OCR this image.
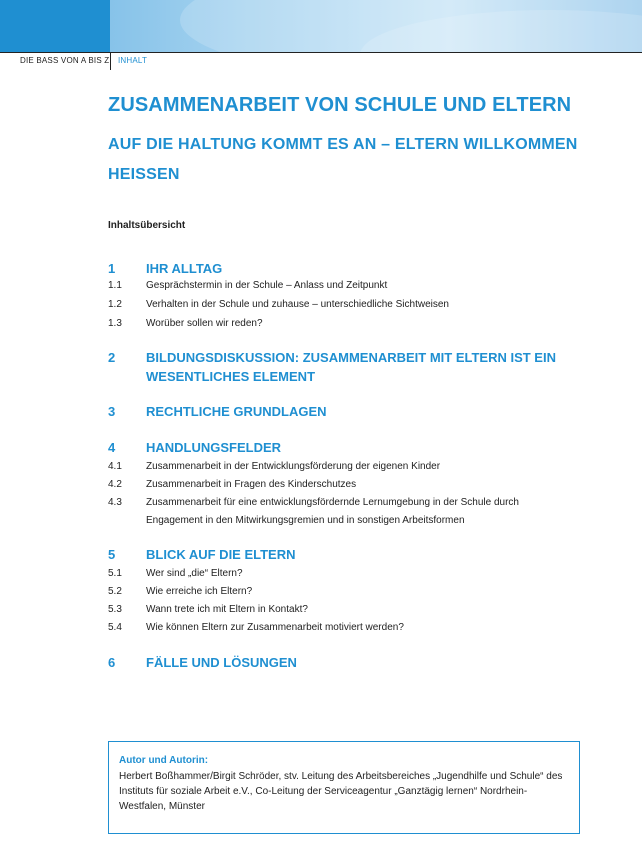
DIE BASS VON A BIS Z INHALT
ZUSAMMENARBEIT VON SCHULE UND ELTERN
AUF DIE HALTUNG KOMMT ES AN – ELTERN WILLKOMMEN HEISSEN
Inhaltsübersicht
1 IHR ALLTAG
1.1 Gesprächstermin in der Schule – Anlass und Zeitpunkt
1.2 Verhalten in der Schule und zuhause – unterschiedliche Sichtweisen
1.3 Worüber sollen wir reden?
2 BILDUNGSDISKUSSION: ZUSAMMENARBEIT MIT ELTERN IST EIN WESENTLICHES ELEMENT
3 RECHTLICHE GRUNDLAGEN
4 HANDLUNGSFELDER
4.1 Zusammenarbeit in der Entwicklungsförderung der eigenen Kinder
4.2 Zusammenarbeit in Fragen des Kinderschutzes
4.3 Zusammenarbeit für eine entwicklungsfördernde Lernumgebung in der Schule durch Engagement in den Mitwirkungsgremien und in sonstigen Arbeitsformen
5 BLICK AUF DIE ELTERN
5.1 Wer sind „die“ Eltern?
5.2 Wie erreiche ich Eltern?
5.3 Wann trete ich mit Eltern in Kontakt?
5.4 Wie können Eltern zur Zusammenarbeit motiviert werden?
6 FÄLLE UND LÖSUNGEN
Autor und Autorin:
Herbert Boßhammer/Birgit Schröder, stv. Leitung des Arbeitsbereiches „Jugendhilfe und Schule“ des Instituts für soziale Arbeit e.V., Co-Leitung der Serviceagentur „Ganztägig lernen“ Nordrhein-Westfalen, Münster
